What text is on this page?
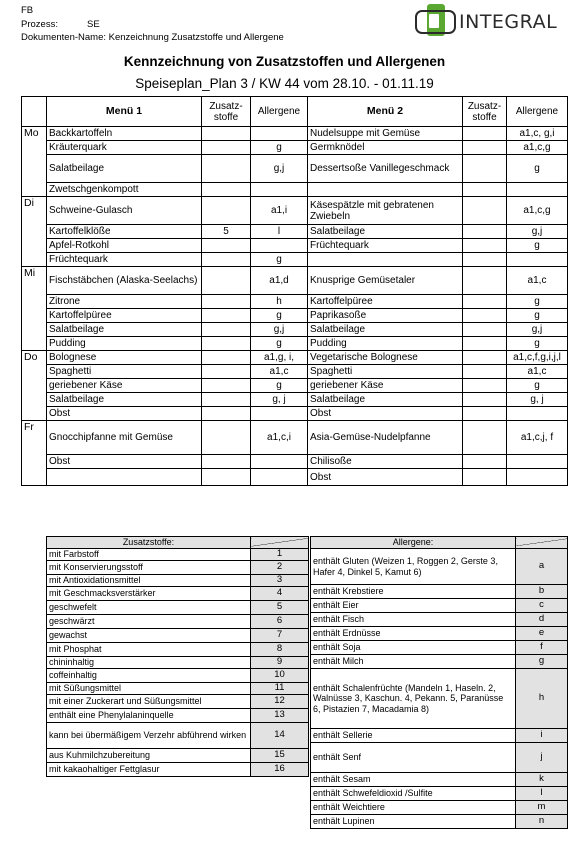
FB
Prozess:	SE
Dokumenten-Name: Kenzeichnung Zusatzstoffe und Allergene
INTEGRAL
Kennzeichnung von Zusatzstoffen und Allergenen
Speiseplan_Plan 3 / KW 44 vom 28.10. - 01.11.19
	Menü 1	Zusatz- stoffe	Allergene	Menü 2	Zusatz- stoffe	Allergene
Mo	Backkartoffeln			Nudelsuppe mit Gemüse		a1,c, g,i
	Kräuterquark		g	Germknödel		a1,c,g
	Salatbeilage		g,j	Dessertsoße Vanillegeschmack		g
	Zwetschgenkompott					
Di	Schweine-Gulasch		a1,i	Käsespätzle mit gebratenen Zwiebeln		a1,c,g
	Kartoffelklöße	5	l	Salatbeilage		g,j
	Apfel-Rotkohl			Früchtequark		g
	Früchtequark		g			
Mi	Fischstäbchen (Alaska-Seelachs)		a1,d	Knusprige Gemüsetaler		a1,c
	Zitrone		h	Kartoffelpüree		g
	Kartoffelpüree		g	Paprikasoße		g
	Salatbeilage		g,j	Salatbeilage		g,j
	Pudding		g	Pudding		g
Do	Bolognese		a1,g, i,	Vegetarische Bolognese		a1,c,f,g,i,j,l
	Spaghetti		a1,c	Spaghetti		a1,c
	geriebener Käse		g	geriebener Käse		g
	Salatbeilage		g, j	Salatbeilage		g, j
	Obst			Obst		
Fr	Gnocchipfanne mit Gemüse		a1,c,i	Asia-Gemüse-Nudelpfanne		a1,c,j, f
	Obst			Chilisoße		
				Obst		
Zusatzstoffe:	
mit Farbstoff	1
mit Konservierungsstoff	2
mit Antioxidationsmittel	3
mit Geschmacksverstärker	4
geschwefelt	5
geschwärzt	6
gewachst	7
mit Phosphat	8
chininhaltig	9
coffeinhaltig	10
mit Süßungsmittel	11
mit einer Zuckerart und Süßungsmittel	12
enthält eine Phenylalaninquelle	13
kann bei übermäßigem Verzehr abführend wirken	14
aus Kuhmilchzubereitung	15
mit kakaohaltiger Fettglasur	16
Allergene:	
enthält Gluten (Weizen 1, Roggen 2, Gerste 3, Hafer 4, Dinkel 5, Kamut 6)	a
enthält Krebstiere	b
enthält Eier	c
enthält Fisch	d
enthält Erdnüsse	e
enthält Soja	f
enthält Milch	g
enthält Schalenfrüchte (Mandeln 1, Haseln. 2, Walnüsse 3, Kaschun. 4, Pekann. 5, Paranüsse 6, Pistazien 7, Macadamia 8)	h
enthält Sellerie	i
enthält Senf	j
enthält Sesam	k
enthält Schwefeldioxid /Sulfite	l
enthält Weichtiere	m
enthält Lupinen	n
